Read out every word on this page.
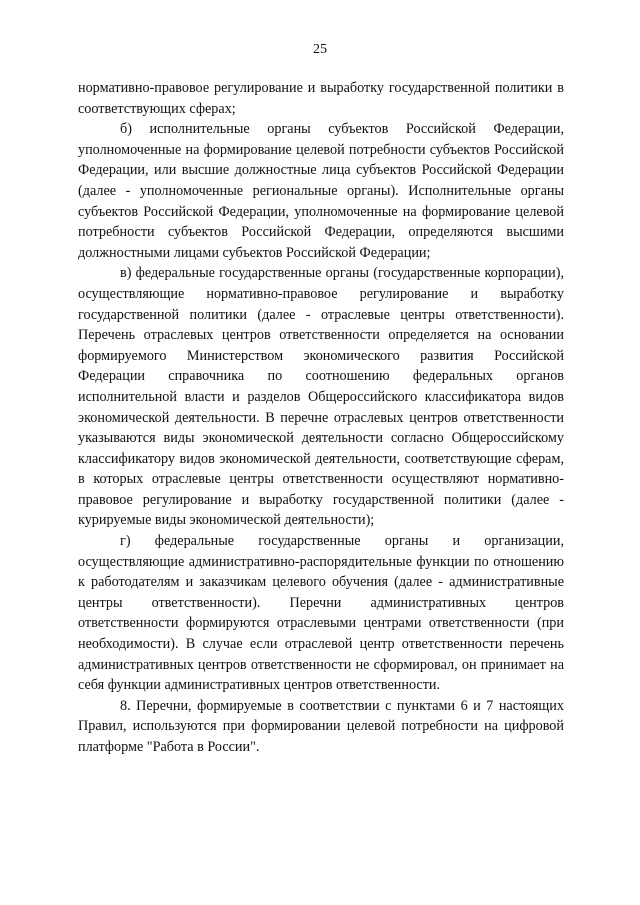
25

нормативно-правовое регулирование и выработку государственной политики в соответствующих сферах;

б) исполнительные органы субъектов Российской Федерации, уполномоченные на формирование целевой потребности субъектов Российской Федерации, или высшие должностные лица субъектов Российской Федерации (далее - уполномоченные региональные органы). Исполнительные органы субъектов Российской Федерации, уполномоченные на формирование целевой потребности субъектов Российской Федерации, определяются высшими должностными лицами субъектов Российской Федерации;

в) федеральные государственные органы (государственные корпорации), осуществляющие нормативно-правовое регулирование и выработку государственной политики (далее - отраслевые центры ответственности). Перечень отраслевых центров ответственности определяется на основании формируемого Министерством экономического развития Российской Федерации справочника по соотношению федеральных органов исполнительной власти и разделов Общероссийского классификатора видов экономической деятельности. В перечне отраслевых центров ответственности указываются виды экономической деятельности согласно Общероссийскому классификатору видов экономической деятельности, соответствующие сферам, в которых отраслевые центры ответственности осуществляют нормативно-правовое регулирование и выработку государственной политики (далее - курируемые виды экономической деятельности);

г) федеральные государственные органы и организации, осуществляющие административно-распорядительные функции по отношению к работодателям и заказчикам целевого обучения (далее - административные центры ответственности). Перечни административных центров ответственности формируются отраслевыми центрами ответственности (при необходимости). В случае если отраслевой центр ответственности перечень административных центров ответственности не сформировал, он принимает на себя функции административных центров ответственности.

8. Перечни, формируемые в соответствии с пунктами 6 и 7 настоящих Правил, используются при формировании целевой потребности на цифровой платформе "Работа в России".
